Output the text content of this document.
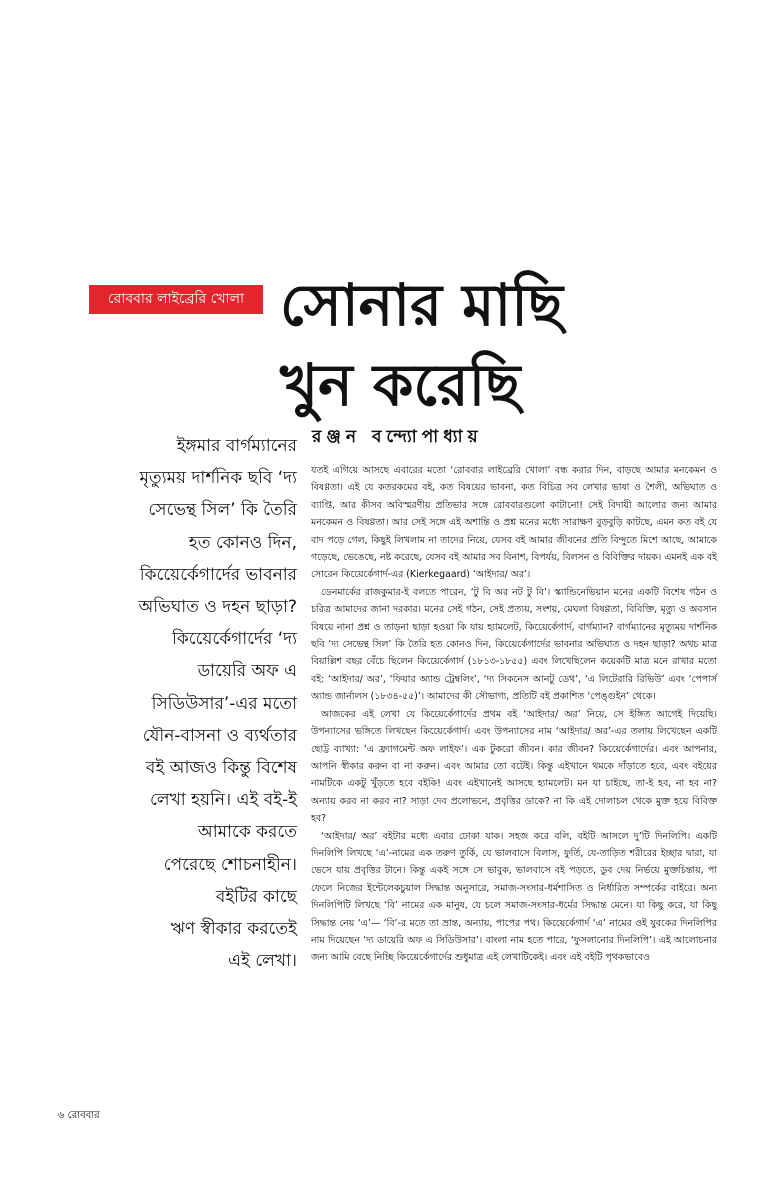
রোববার লাইব্রেরি খোলা সোনার মাছি
খুন করেছি
রঞ্জন বন্দ্যোপাধ্যায়
ইঙ্গমার বার্গম্যানের
মৃত্যুময় দার্শনিক ছবি ‘দ্য
সেভেন্থ সিল’ কি তৈরি
হত কোনও দিন,
কিয়েের্কেগার্দের ভাবনার
অভিঘাত ও দহন ছাড়া?
কিয়েের্কেগার্দের ‘দ্য
ডায়েরি অফ এ
সিডিউসার’-এর মতো
যৌন-বাসনা ও ব্যর্থতার
বই আজও কিন্তু বিশেষ
লেখা হয়নি। এই বই-ই
আমাকে করতে
পেরেছে শোচনাহীন।
বইটির কাছে
ঋণ স্বীকার করতেই
এই লেখা।

যতই এগিয়ে আসছে এবারের মতো ‘রোববার লাইব্রেরি খোলা’ বন্ধ করার দিন, বাড়ছে আমার মনকেমন ও বিষণ্ণতা। এই যে কতরকমের বই, কত বিষয়ের ভাবনা, কত বিচিত্র সব লেখার ভাষা ও শৈলী, অভিঘাত ও ব্যাপ্তি, আর কীসব অবিস্মরণীয় প্রতিভার সঙ্গে রোববারগুলো কাটানো! সেই বিদায়ী আলোর জন্য আমার মনকেমন ও বিষণ্ণতা। আর সেই সঙ্গে এই অশান্তি ও প্রশ্ন মনের মধ্যে সারাক্ষণ বুড়বুড়ি কাটছে, এমন কত বই যে বাদ পড়ে গেল, কিছুই লিখলাম না তাদের নিয়ে, যেসব বই আমার জীবনের প্রতি বিন্দুতে মিশে আছে, আমাকে গড়েছে, ভেঙেছে, নষ্ট করেছে, যেসব বই আমার সব বিনাশ, বিপর্যয়, বিলসন ও বিবিক্তির দায়ক। এমনই এক বই সোরেন কিয়েের্কেগার্দ-এর (Kierkegaard) ‘আইদার/ অর’।

ডেনমার্কের রাজকুমার-ই বলতে পারেন, ‘টু বি অর নট টু বি’। স্ক্যান্ডিনেভিয়ান মনের একটি বিশেষ গঠন ও চরিত্র আমাদের জানা দরকার। মনের সেই গঠন, সেই প্রত্যয়, সংশয়, মেঘলা বিষণ্ণতা, বিবিক্তি, মৃত্যু ও অবসান বিষয়ে নানা প্রশ্ন ও তাড়না ছাড়া হওয়া কি যায় হ্যামলেট, কিয়েের্কেগার্দ, বার্গম্যান? বার্গম্যানের মৃত্যুময় দার্শনিক ছবি ‘দ্য সেভেন্থ সিল’ কি তৈরি হত কোনও দিন, কিয়েের্কেগার্দের ভাবনার অভিঘাত ও দহন ছাড়া? অথচ মাত্র বিয়াল্লিশ বছর বেঁচে ছিলেন কিয়েের্কেগার্দ (১৮১৩-১৮৫৫) এবং লিখেছিলেন কয়েকটি মাত্র মনে রাখার মতো বই: ‘আইদার/ অর’, ‘ফিয়ার অ্যান্ড ট্রেম্বলিং’, ‘দ্য সিকনেস আনটু ডেথ’, ‘এ লিটেরারি রিভিউ’ এবং ‘পেপার্স অ্যান্ড জার্নালস (১৮৩৪-৫৫)’। আমাদের কী সৌভাগ্য, প্রতিটি বই প্রকাশিত ‘পেঙ্গুইন’ থেকে।

আজকের এই লেখা যে কিয়েের্কেগার্দের প্রথম বই ‘আইদার/ অর’ নিয়ে, সে ইঙ্গিত আগেই দিয়েছি। উপন্যাসের ভঙ্গিতে লিখছেন কিয়েের্কেগার্দ। এবং উপন্যাসের নাম ‘আইদার/ অর’-এর তলায় লিখেছেন একটি ছোট্ট ব্যাখ্যা: ‘এ ফ্র্যাগমেন্ট অফ লাইফ’। এক টুকরো জীবন। কার জীবন? কিয়েের্কেগার্দের। এবং আপনার, আপনি স্বীকার করুন বা না করুন। এবং আমার তো বটেই। কিন্তু এইখানে থমকে দাঁড়াতে হবে, এবং বইয়ের নামটিকে একটু খুঁড়তে হবে বইকি! এবং এইখানেই আসছে হ্যামলেট। মন যা চাইছে, তা-ই হব, না হব না? অন্যায় করব না করব না? সাড়া দেব প্রলোভনে, প্রবৃত্তির ডাকে? না কি এই দোলাচল থেকে মুক্ত হয়ে বিবিক্ত হব?

‘আইদার/ অর’ বইটার মধ্যে এবার ঢোকা যাক। সহজ করে বলি, বইটি আসলে দু’টি দিনলিপি। একটি দিনলিপি লিখছে ‘এ’-নামের এক তরুণ তুর্কি, যে ভালবাসে বিলাস, ফুর্তি, যে-তাড়িত শরীরের ইচ্ছার দ্বারা, যা ভেসে যায় প্রবৃত্তির টানে। কিন্তু একই সঙ্গে সে ভাবুক, ভালবাসে বই পড়তে, ডুব দেয় নির্ভয়ে মুক্তচিন্তায়, পা ফেলে নিজের ইন্টেলেকচুয়াল সিদ্ধান্ত অনুসারে, সমাজ-সংসার-ধর্মশাসিত ও নির্ধারিত সম্পর্কের বাইরে। অন্য দিনলিপিটি লিখছে ‘বি’ নামের এক মানুষ, যে চলে সমাজ-সংসার-ধর্মের সিদ্ধান্ত মেনে। যা কিছু করে, যা কিছু সিদ্ধান্ত নেয় ‘এ’— ‘বি’-র মতে তা ভ্রান্ত, অন্যায়, পাপের পথ। কিয়েের্কেগার্দ ‘এ’ নামের ওই যুবকের দিনলিপির নাম দিয়েছেন ‘দ্য ডায়েরি অফ এ সিডিউসার’। বাংলা নাম হতে পারে, ‘ফুসলানোর দিনলিপি’। এই আলোচনার জন্য আমি বেছে নিচ্ছি কিয়েের্কেগার্দের শুধুমাত্র এই লেখাটিকেই। এবং এই বইটি পৃথকভাবেও

৬ রোববার
